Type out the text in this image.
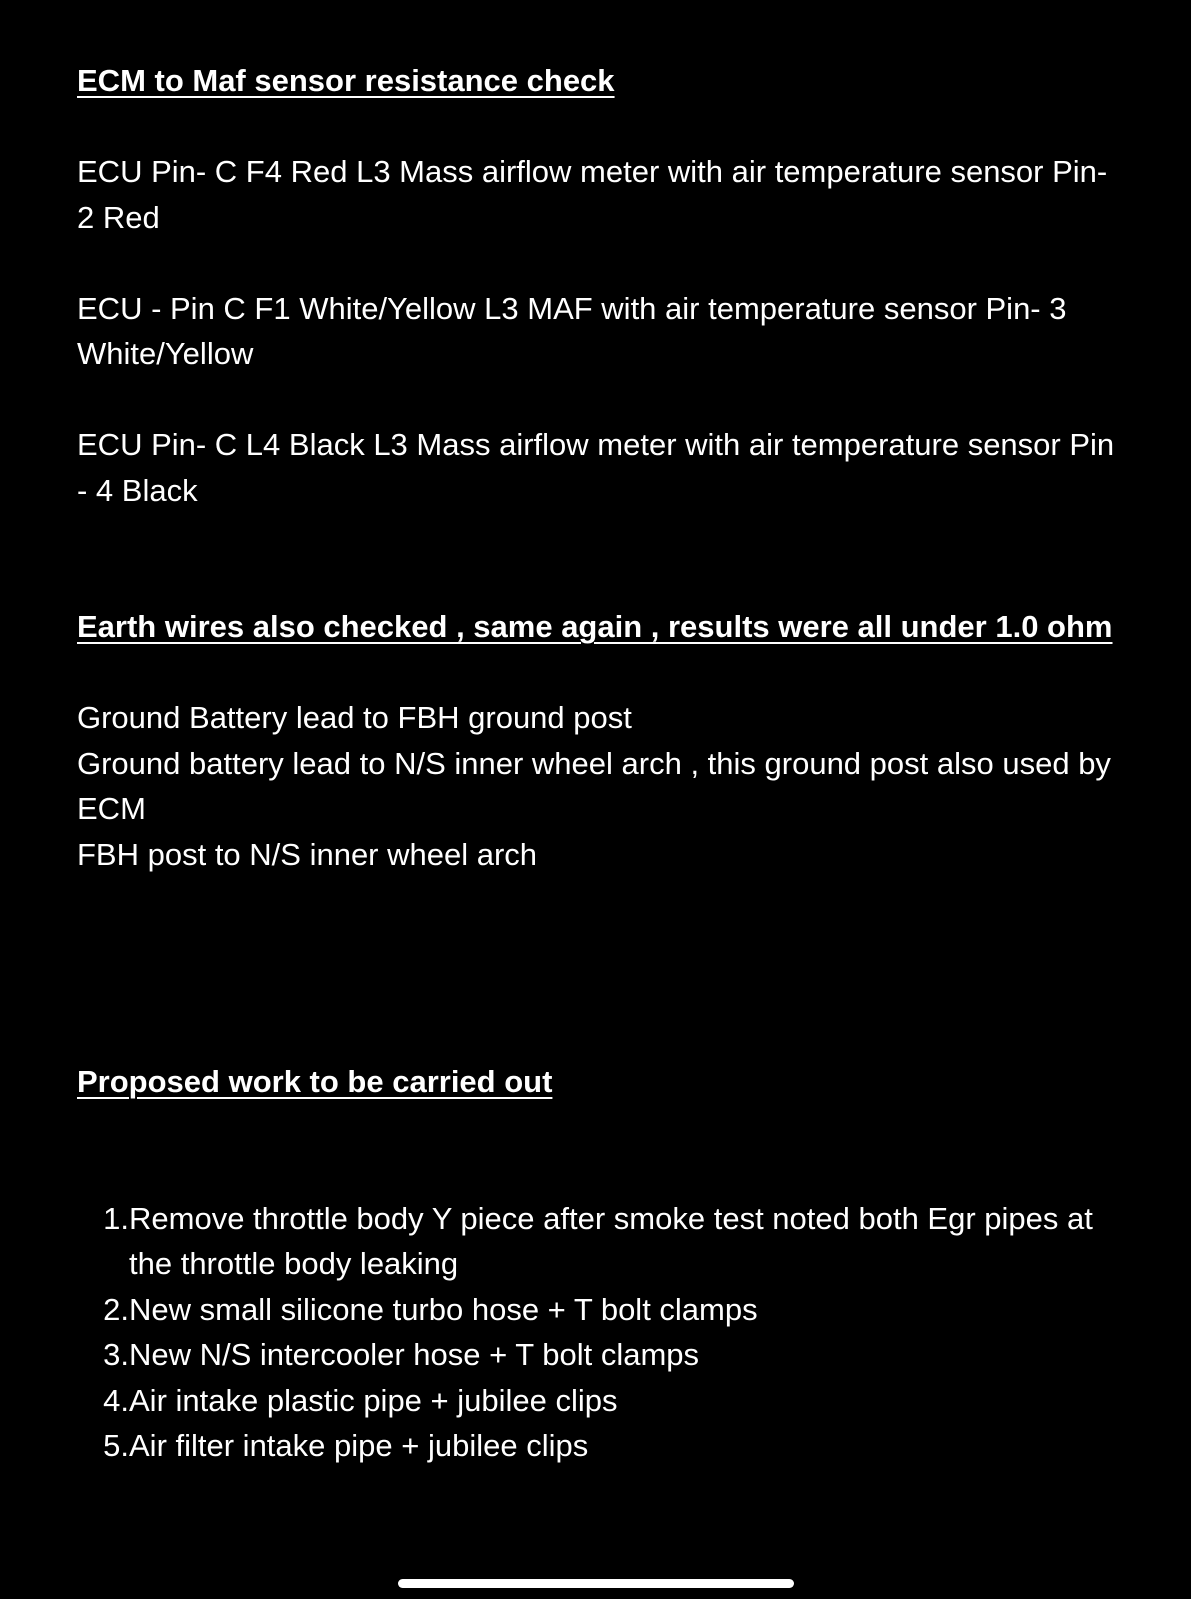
ECM to Maf sensor resistance check

ECU Pin- C F4 Red L3 Mass airflow meter with air temperature sensor Pin- 2 Red

ECU - Pin C F1 White/Yellow L3 MAF with air temperature sensor Pin- 3 White/Yellow

ECU Pin- C L4 Black L3 Mass airflow meter with air temperature sensor Pin - 4 Black

Earth wires also checked , same again , results were all under 1.0 ohm

Ground Battery lead to FBH ground post

Ground battery lead to N/S inner wheel arch , this ground post also used by ECM

FBH post to N/S inner wheel arch

Proposed work to be carried out

1. Remove throttle body Y piece after smoke test noted both Egr pipes at the throttle body leaking
2. New small silicone turbo hose + T bolt clamps
3. New N/S intercooler hose + T bolt clamps
4. Air intake plastic pipe + jubilee clips
5. Air filter intake pipe + jubilee clips
